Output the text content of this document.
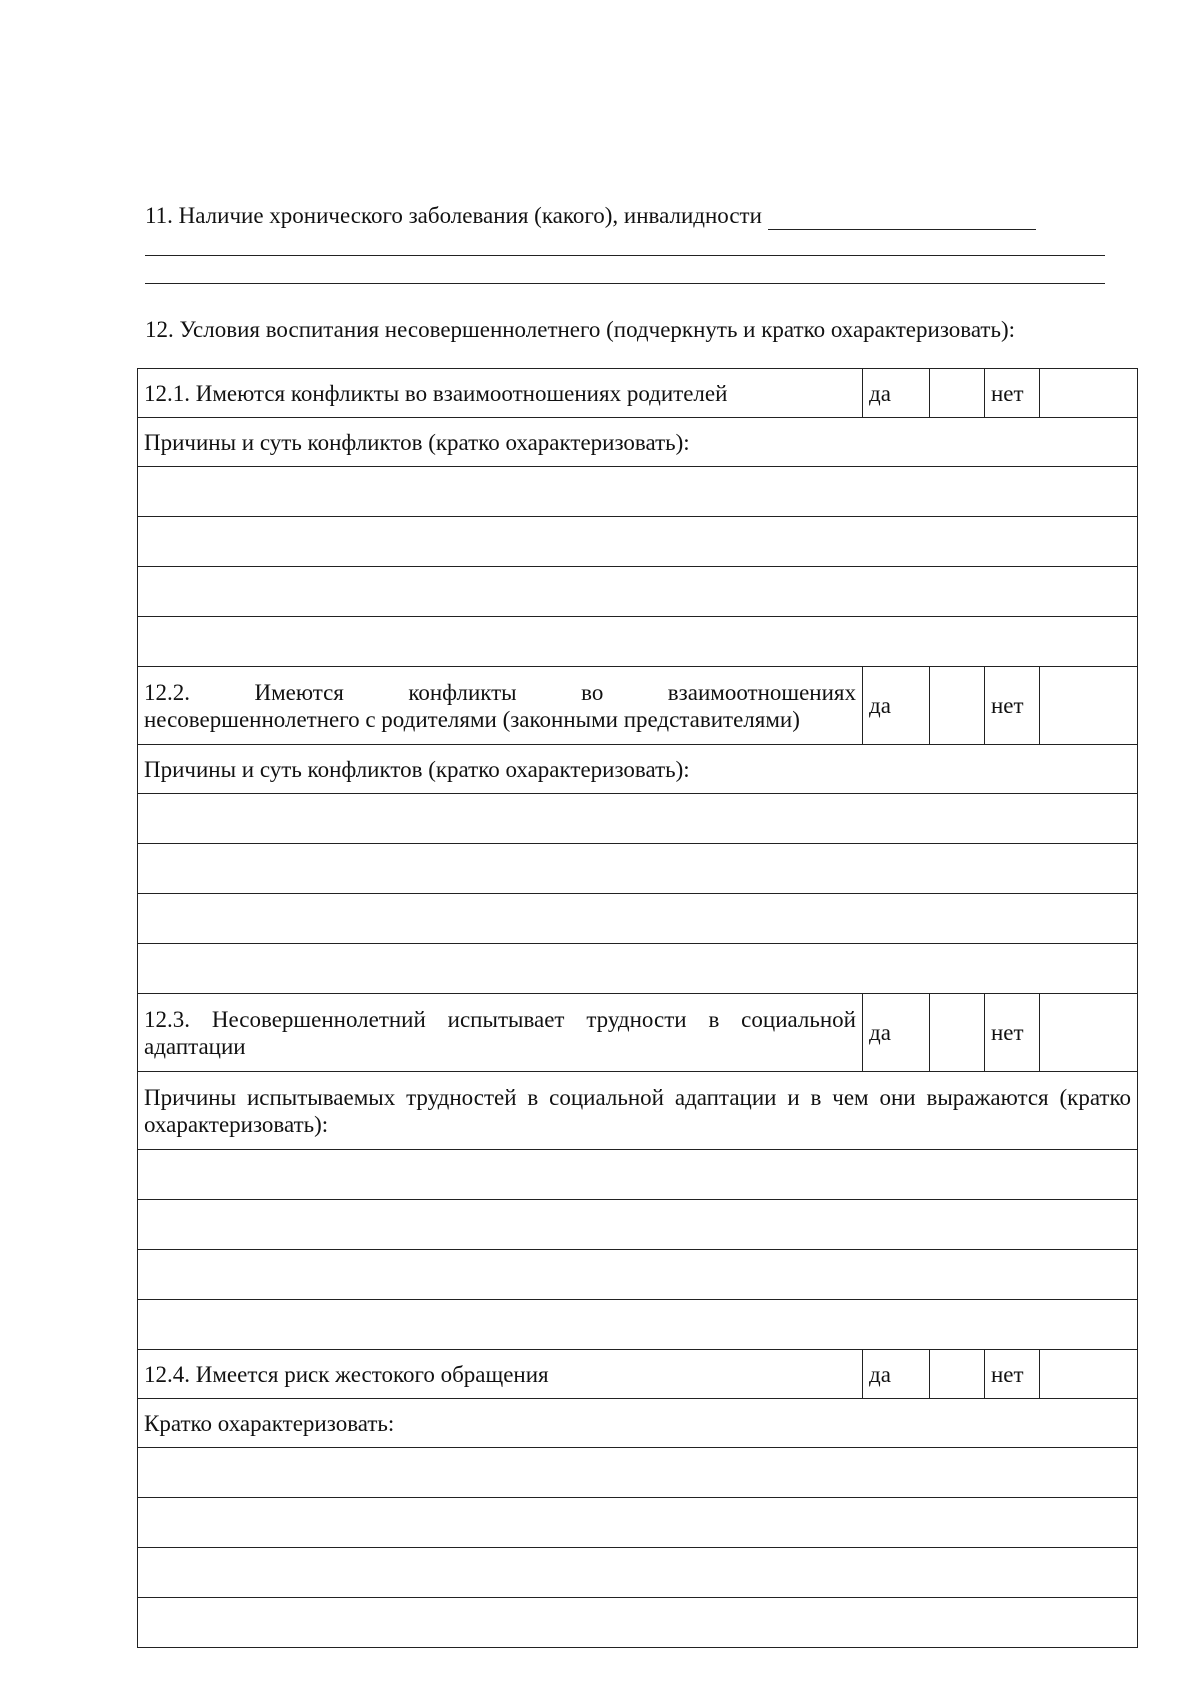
11. Наличие хронического заболевания (какого), инвалидности
12. Условия воспитания несовершеннолетнего (подчеркнуть и кратко охарактеризовать):
12.1. Имеются конфликты во взаимоотношениях родителей	да		нет	
Причины и суть конфликтов (кратко охарактеризовать):				

12.2. Имеются конфликты во взаимоотношениях
несовершеннолетнего с родителями (законными представителями)	да		нет	
Причины и суть конфликтов (кратко охарактеризовать):				

12.3. Несовершеннолетний испытывает трудности в социальной адаптации	да		нет	
Причины испытываемых трудностей в социальной адаптации и в чем они выражаются (кратко охарактеризовать):				

12.4. Имеется риск жестокого обращения	да		нет	
Кратко охарактеризовать:				
